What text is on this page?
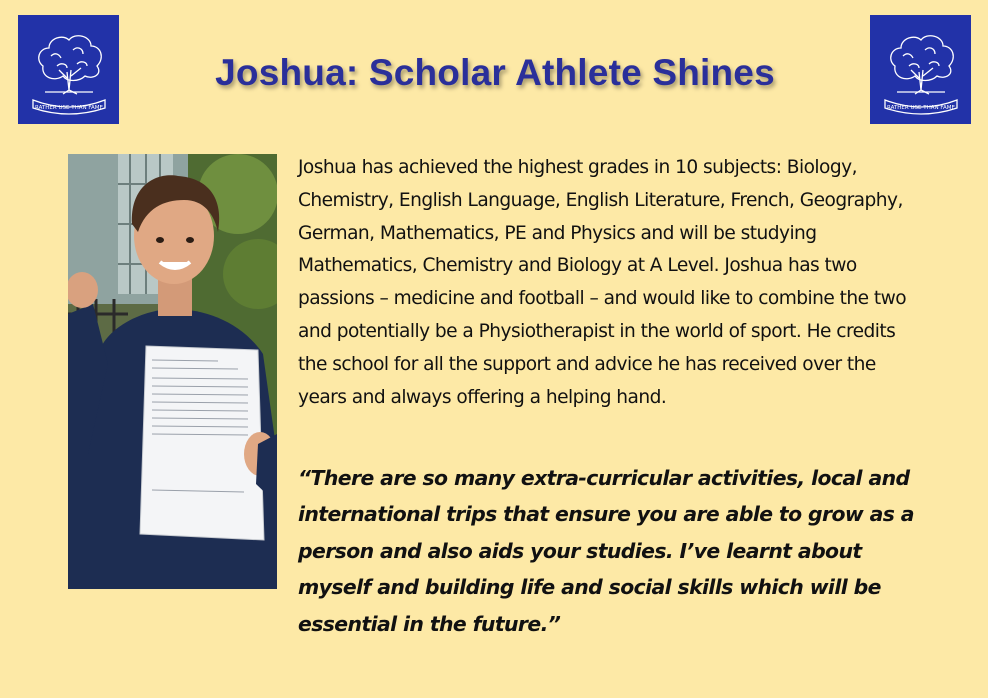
RATHER USE THAN FAME	RATHER USE THAN FAME
Joshua: Scholar Athlete Shines
Joshua has achieved the highest grades in 10 subjects: Biology, Chemistry, English Language, English Literature, French, Geography, German, Mathematics, PE and Physics and will be studying Mathematics, Chemistry and Biology at A Level. Joshua has two passions – medicine and football – and would like to combine the two and potentially be a Physiotherapist in the world of sport. He credits the school for all the support and advice he has received over the years and always offering a helping hand.
“There are so many extra-curricular activities, local and international trips that ensure you are able to grow as a person and also aids your studies. I’ve learnt about myself and building life and social skills which will be essential in the future.”
